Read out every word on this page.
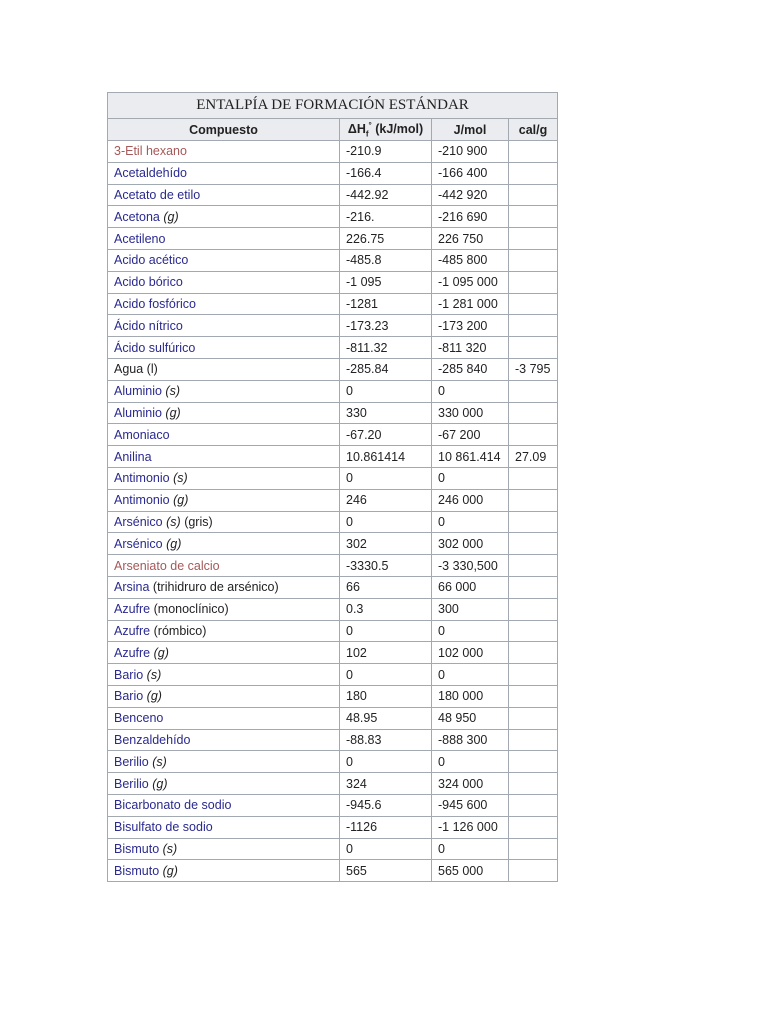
ENTALPÍA DE FORMACIÓN ESTÁNDAR
Compuesto	$\Delta H_f^\circ$ (kJ/mol)	J/mol	cal/g
3-Etil hexano	-210.9	-210 900	
Acetaldehído	-166.4	-166 400	
Acetato de etilo	-442.92	-442 920	
Acetona (g)	-216.	-216 690	
Acetileno	226.75	226 750	
Acido acético	-485.8	-485 800	
Acido bórico	-1 095	-1 095 000	
Acido fosfórico	-1281	-1 281 000	
Ácido nítrico	-173.23	-173 200	
Ácido sulfúrico	-811.32	-811 320	
Agua (l)	-285.84	-285 840	-3 795
Aluminio (s)	0	0	
Aluminio (g)	330	330 000	
Amoniaco	-67.20	-67 200	
Anilina	10.861414	10 861.414	27.09
Antimonio (s)	0	0	
Antimonio (g)	246	246 000	
Arsénico (s) (gris)	0	0	
Arsénico (g)	302	302 000	
Arseniato de calcio	-3330.5	-3 330,500	
Arsina (trihidruro de arsénico)	66	66 000	
Azufre (monoclínico)	0.3	300	
Azufre (rómbico)	0	0	
Azufre (g)	102	102 000	
Bario (s)	0	0	
Bario (g)	180	180 000	
Benceno	48.95	48 950	
Benzaldehído	-88.83	-888 300	
Berilio (s)	0	0	
Berilio (g)	324	324 000	
Bicarbonato de sodio	-945.6	-945 600	
Bisulfato de sodio	-1126	-1 126 000	
Bismuto (s)	0	0	
Bismuto (g)	565	565 000	
